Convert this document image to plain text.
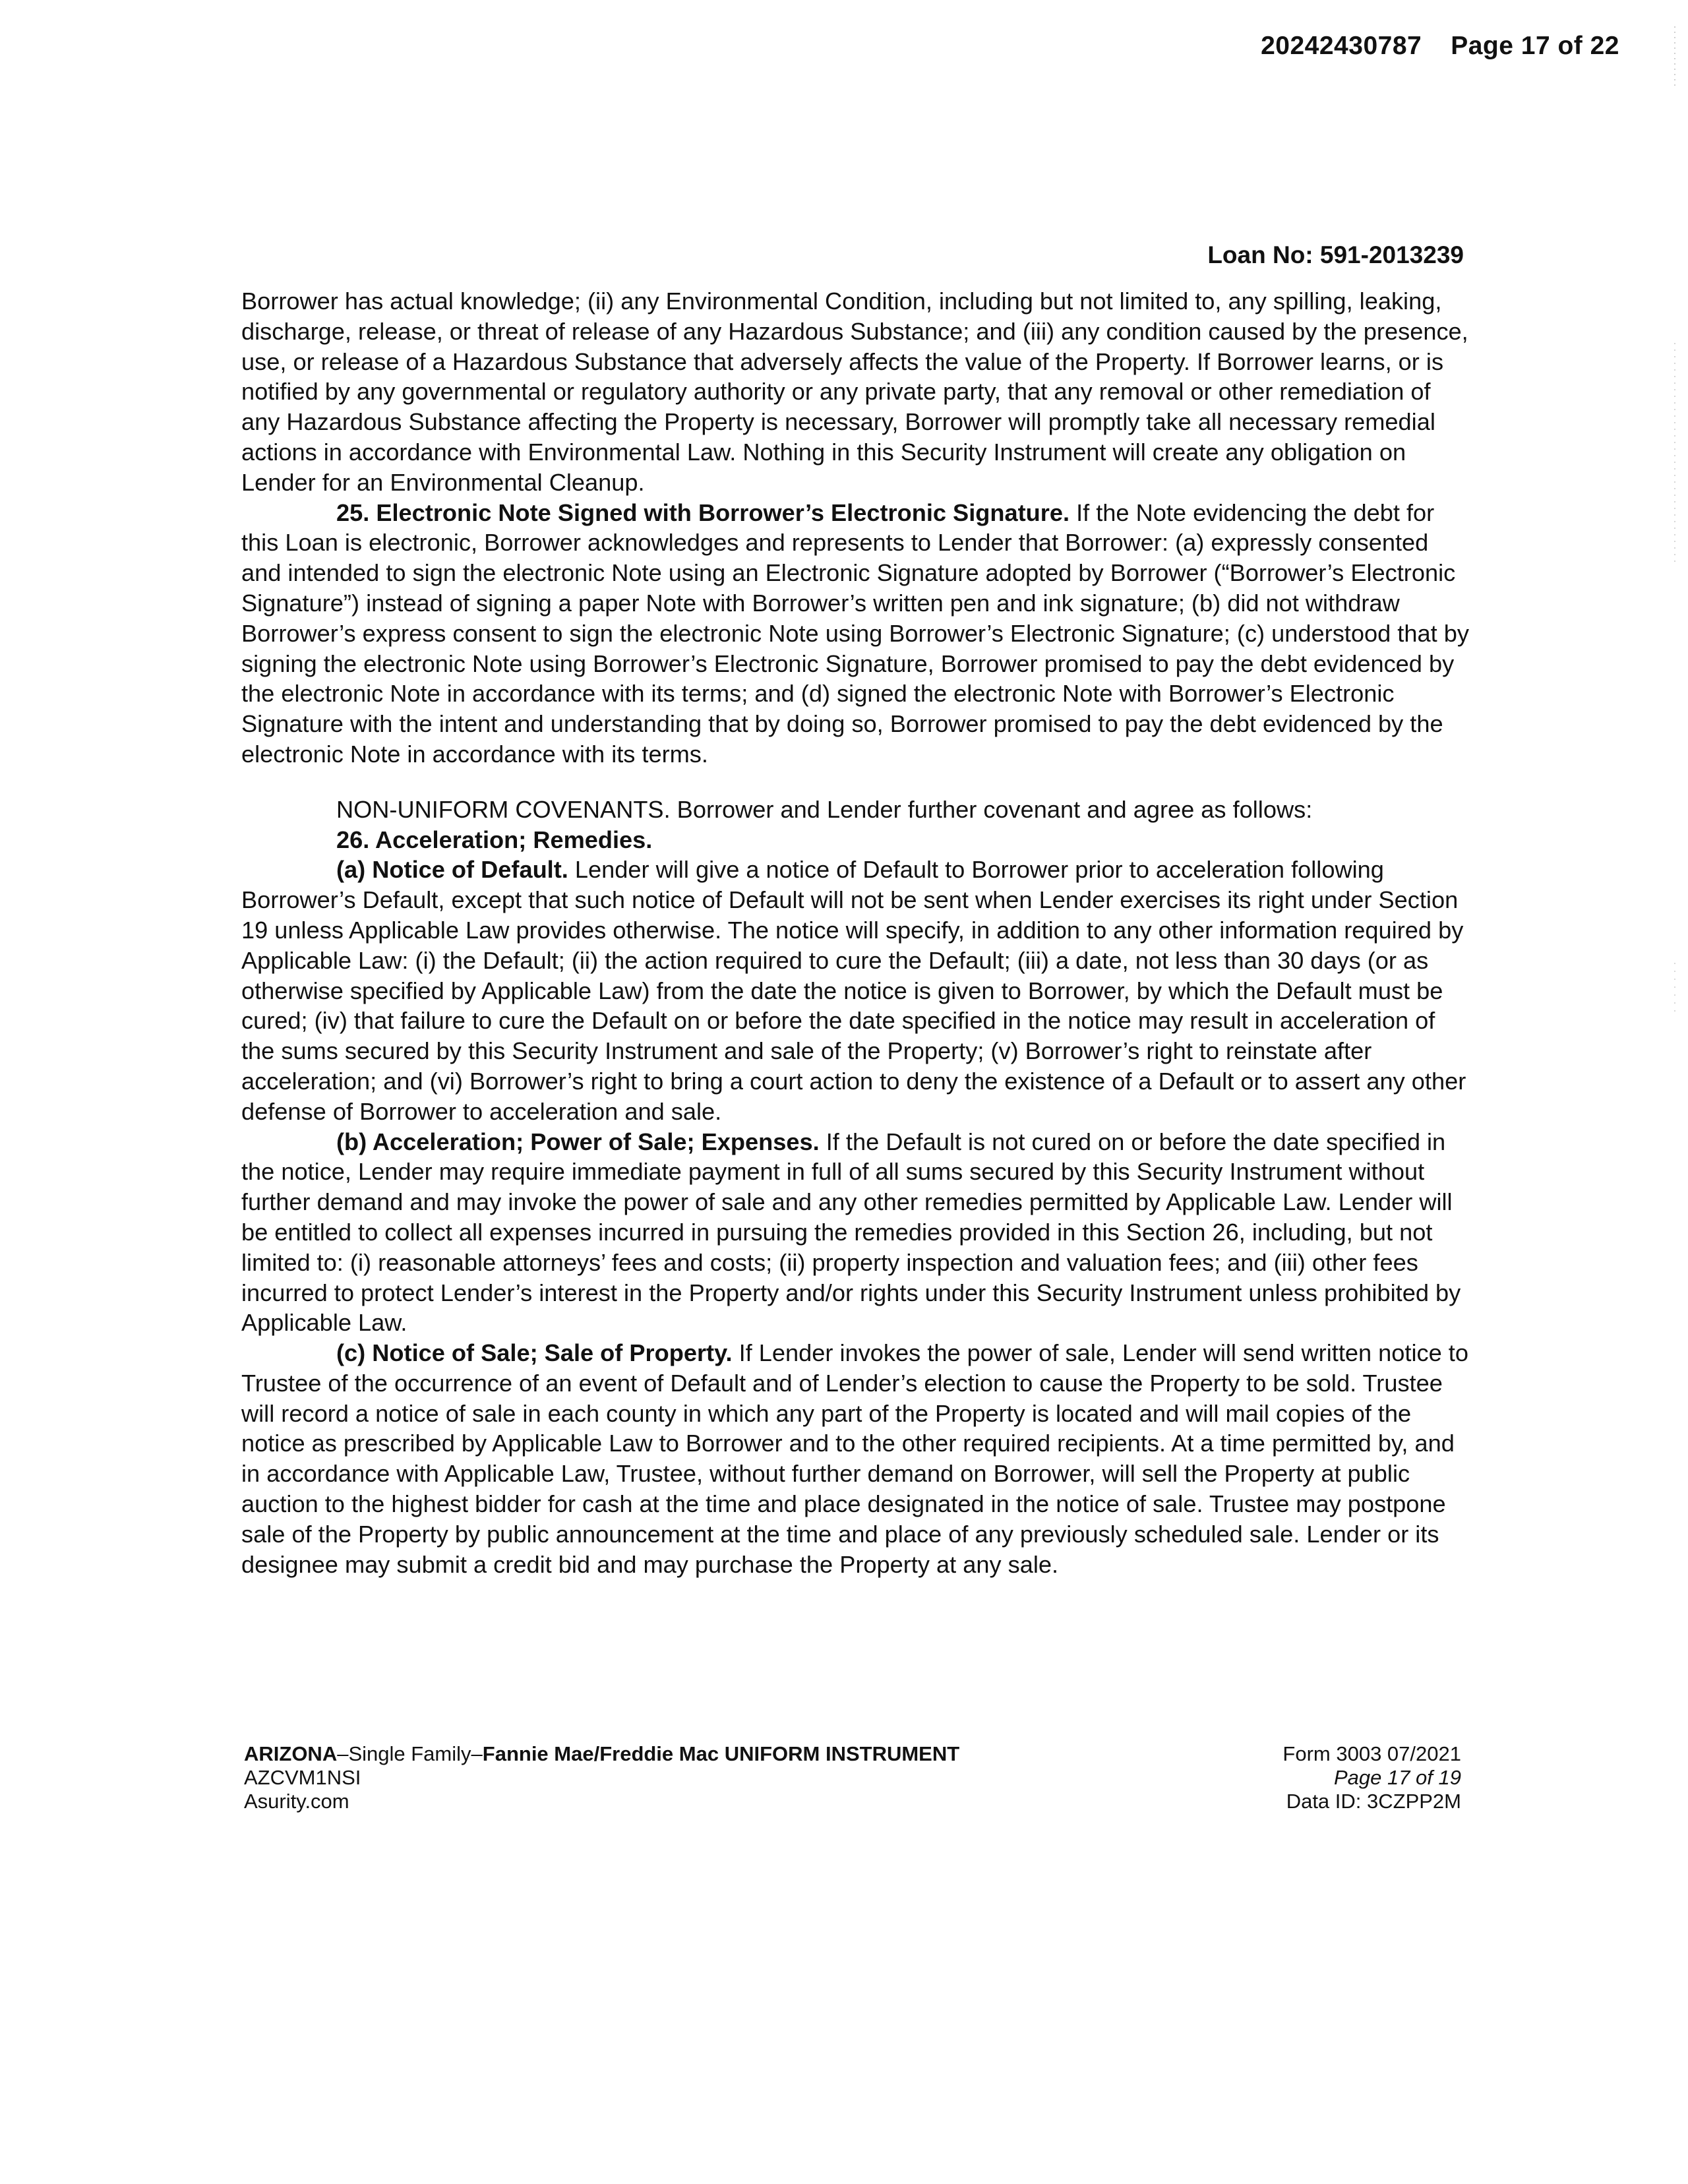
20242430787 Page 17 of 22
Loan No: 591-2013239

Borrower has actual knowledge; (ii) any Environmental Condition, including but not limited to, any spilling, leaking, discharge, release, or threat of release of any Hazardous Substance; and (iii) any condition caused by the presence, use, or release of a Hazardous Substance that adversely affects the value of the Property. If Borrower learns, or is notified by any governmental or regulatory authority or any private party, that any removal or other remediation of any Hazardous Substance affecting the Property is necessary, Borrower will promptly take all necessary remedial actions in accordance with Environmental Law. Nothing in this Security Instrument will create any obligation on Lender for an Environmental Cleanup.

25. Electronic Note Signed with Borrower’s Electronic Signature. If the Note evidencing the debt for this Loan is electronic, Borrower acknowledges and represents to Lender that Borrower: (a) expressly consented and intended to sign the electronic Note using an Electronic Signature adopted by Borrower (“Borrower’s Electronic Signature”) instead of signing a paper Note with Borrower’s written pen and ink signature; (b) did not withdraw Borrower’s express consent to sign the electronic Note using Borrower’s Electronic Signature; (c) understood that by signing the electronic Note using Borrower’s Electronic Signature, Borrower promised to pay the debt evidenced by the electronic Note in accordance with its terms; and (d) signed the electronic Note with Borrower’s Electronic Signature with the intent and understanding that by doing so, Borrower promised to pay the debt evidenced by the electronic Note in accordance with its terms.

NON-UNIFORM COVENANTS. Borrower and Lender further covenant and agree as follows:

26. Acceleration; Remedies.

(a) Notice of Default. Lender will give a notice of Default to Borrower prior to acceleration following Borrower’s Default, except that such notice of Default will not be sent when Lender exercises its right under Section 19 unless Applicable Law provides otherwise. The notice will specify, in addition to any other information required by Applicable Law: (i) the Default; (ii) the action required to cure the Default; (iii) a date, not less than 30 days (or as otherwise specified by Applicable Law) from the date the notice is given to Borrower, by which the Default must be cured; (iv) that failure to cure the Default on or before the date specified in the notice may result in acceleration of the sums secured by this Security Instrument and sale of the Property; (v) Borrower’s right to reinstate after acceleration; and (vi) Borrower’s right to bring a court action to deny the existence of a Default or to assert any other defense of Borrower to acceleration and sale.

(b) Acceleration; Power of Sale; Expenses. If the Default is not cured on or before the date specified in the notice, Lender may require immediate payment in full of all sums secured by this Security Instrument without further demand and may invoke the power of sale and any other remedies permitted by Applicable Law. Lender will be entitled to collect all expenses incurred in pursuing the remedies provided in this Section 26, including, but not limited to: (i) reasonable attorneys’ fees and costs; (ii) property inspection and valuation fees; and (iii) other fees incurred to protect Lender’s interest in the Property and/or rights under this Security Instrument unless prohibited by Applicable Law.

(c) Notice of Sale; Sale of Property. If Lender invokes the power of sale, Lender will send written notice to Trustee of the occurrence of an event of Default and of Lender’s election to cause the Property to be sold. Trustee will record a notice of sale in each county in which any part of the Property is located and will mail copies of the notice as prescribed by Applicable Law to Borrower and to the other required recipients. At a time permitted by, and in accordance with Applicable Law, Trustee, without further demand on Borrower, will sell the Property at public auction to the highest bidder for cash at the time and place designated in the notice of sale. Trustee may postpone sale of the Property by public announcement at the time and place of any previously scheduled sale. Lender or its designee may submit a credit bid and may purchase the Property at any sale.

ARIZONA–Single Family–Fannie Mae/Freddie Mac UNIFORM INSTRUMENT
AZCVM1NSI
Asurity.com
Form 3003 07/2021
Page 17 of 19
Data ID: 3CZPP2M
